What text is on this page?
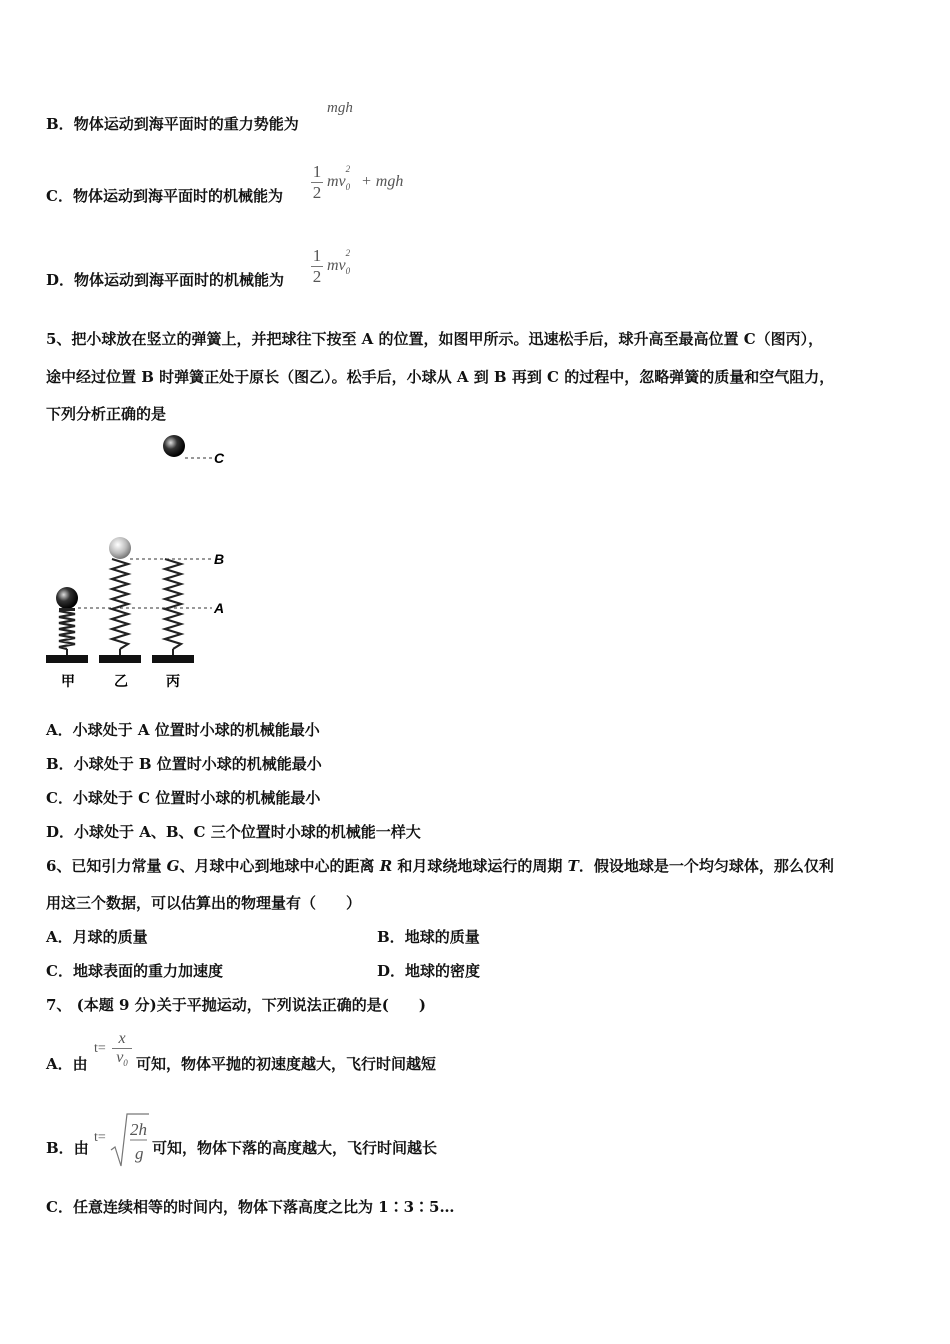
B．物体运动到海平面时的重力势能为
mgh
C．物体运动到海平面时的机械能为 $\frac{1}{2}$ mv
2
0 + mgh
D．物体运动到海平面时的机械能为 $\frac{1}{2}$ mv
2
0
5、把小球放在竖立的弹簧上，并把球往下按至 A 的位置，如图甲所示。迅速松手后，球升高至最高位置 C（图丙），
途中经过位置 B 时弹簧正处于原长（图乙）。松手后，小球从 A 到 B 再到 C 的过程中，忽略弹簧的质量和空气阻力，
下列分析正确的是
C
B
A
甲	乙	丙
A．小球处于 A 位置时小球的机械能最小
B．小球处于 B 位置时小球的机械能最小
C．小球处于 C 位置时小球的机械能最小
D．小球处于 A、B、C 三个位置时小球的机械能一样大
6、已知引力常量 G、月球中心到地球中心的距离 R 和月球绕地球运行的周期 T．假设地球是一个均匀球体，那么仅利
用这三个数据，可以估算出的物理量有（　　）
A．月球的质量	B．地球的质量
C．地球表面的重力加速度	D．地球的密度
7、 (本题 9 分)关于平抛运动，下列说法正确的是(　　)
A．由
$t= \frac{x}{v_0}$ 可知，物体平抛的初速度越大，飞行时间越短
B．由
t= 2h
g 可知，物体下落的高度越大，飞行时间越长
C．任意连续相等的时间内，物体下落高度之比为 1∶3∶5…
